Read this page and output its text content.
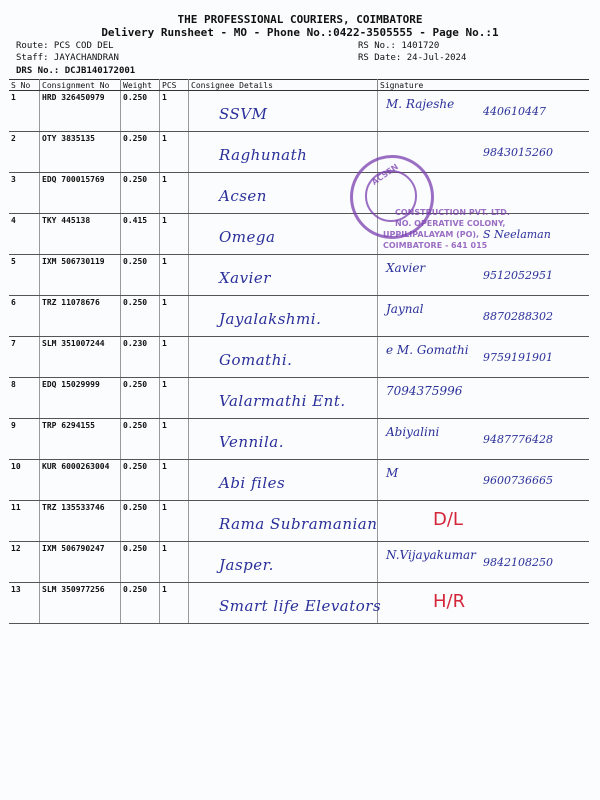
THE PROFESSIONAL COURIERS, COIMBATORE
Delivery Runsheet - MO - Phone No.:0422-3505555 - Page No.:1
Route: PCS COD DEL
Staff: JAYACHANDRAN
DRS No.: DCJB140172001
RS No.: 1401720
RS Date: 24-Jul-2024
S No	Consignment No	Weight	PCS	Consignee Details	Signature
1	HRD 326450979	0.250	1	SSVM	M. Rajeshe
440610447

2	OTY 3835135	0.250	1	Raghunath	9843015260

3	EDQ 700015769	0.250	1	Acsen	

4	TKY 445138	0.415	1	Omega	S Neelaman

5	IXM 506730119	0.250	1	Xavier	Xavier
9512052951

6	TRZ 11078676	0.250	1	Jayalakshmi.	Jaynal
8870288302

7	SLM 351007244	0.230	1	Gomathi.	e M. Gomathi
9759191901

8	EDQ 15029999	0.250	1	Valarmathi Ent.	7094375996

9	TRP 6294155	0.250	1	Vennila.	Abiyalini
9487776428

10	KUR 6000263004	0.250	1	Abi files	M
9600736665

11	TRZ 135533746	0.250	1	Rama Subramanian	D/L

12	IXM 506790247	0.250	1	Jasper.	N.Vijayakumar
9842108250

13	SLM 350977256	0.250	1	Smart life Elevators	H/R
ACSEN
CONSTRUCTION PVT. LTD.
NO. OPERATIVE COLONY,
UPPILIPALAYAM (PO),
COIMBATORE - 641 015
